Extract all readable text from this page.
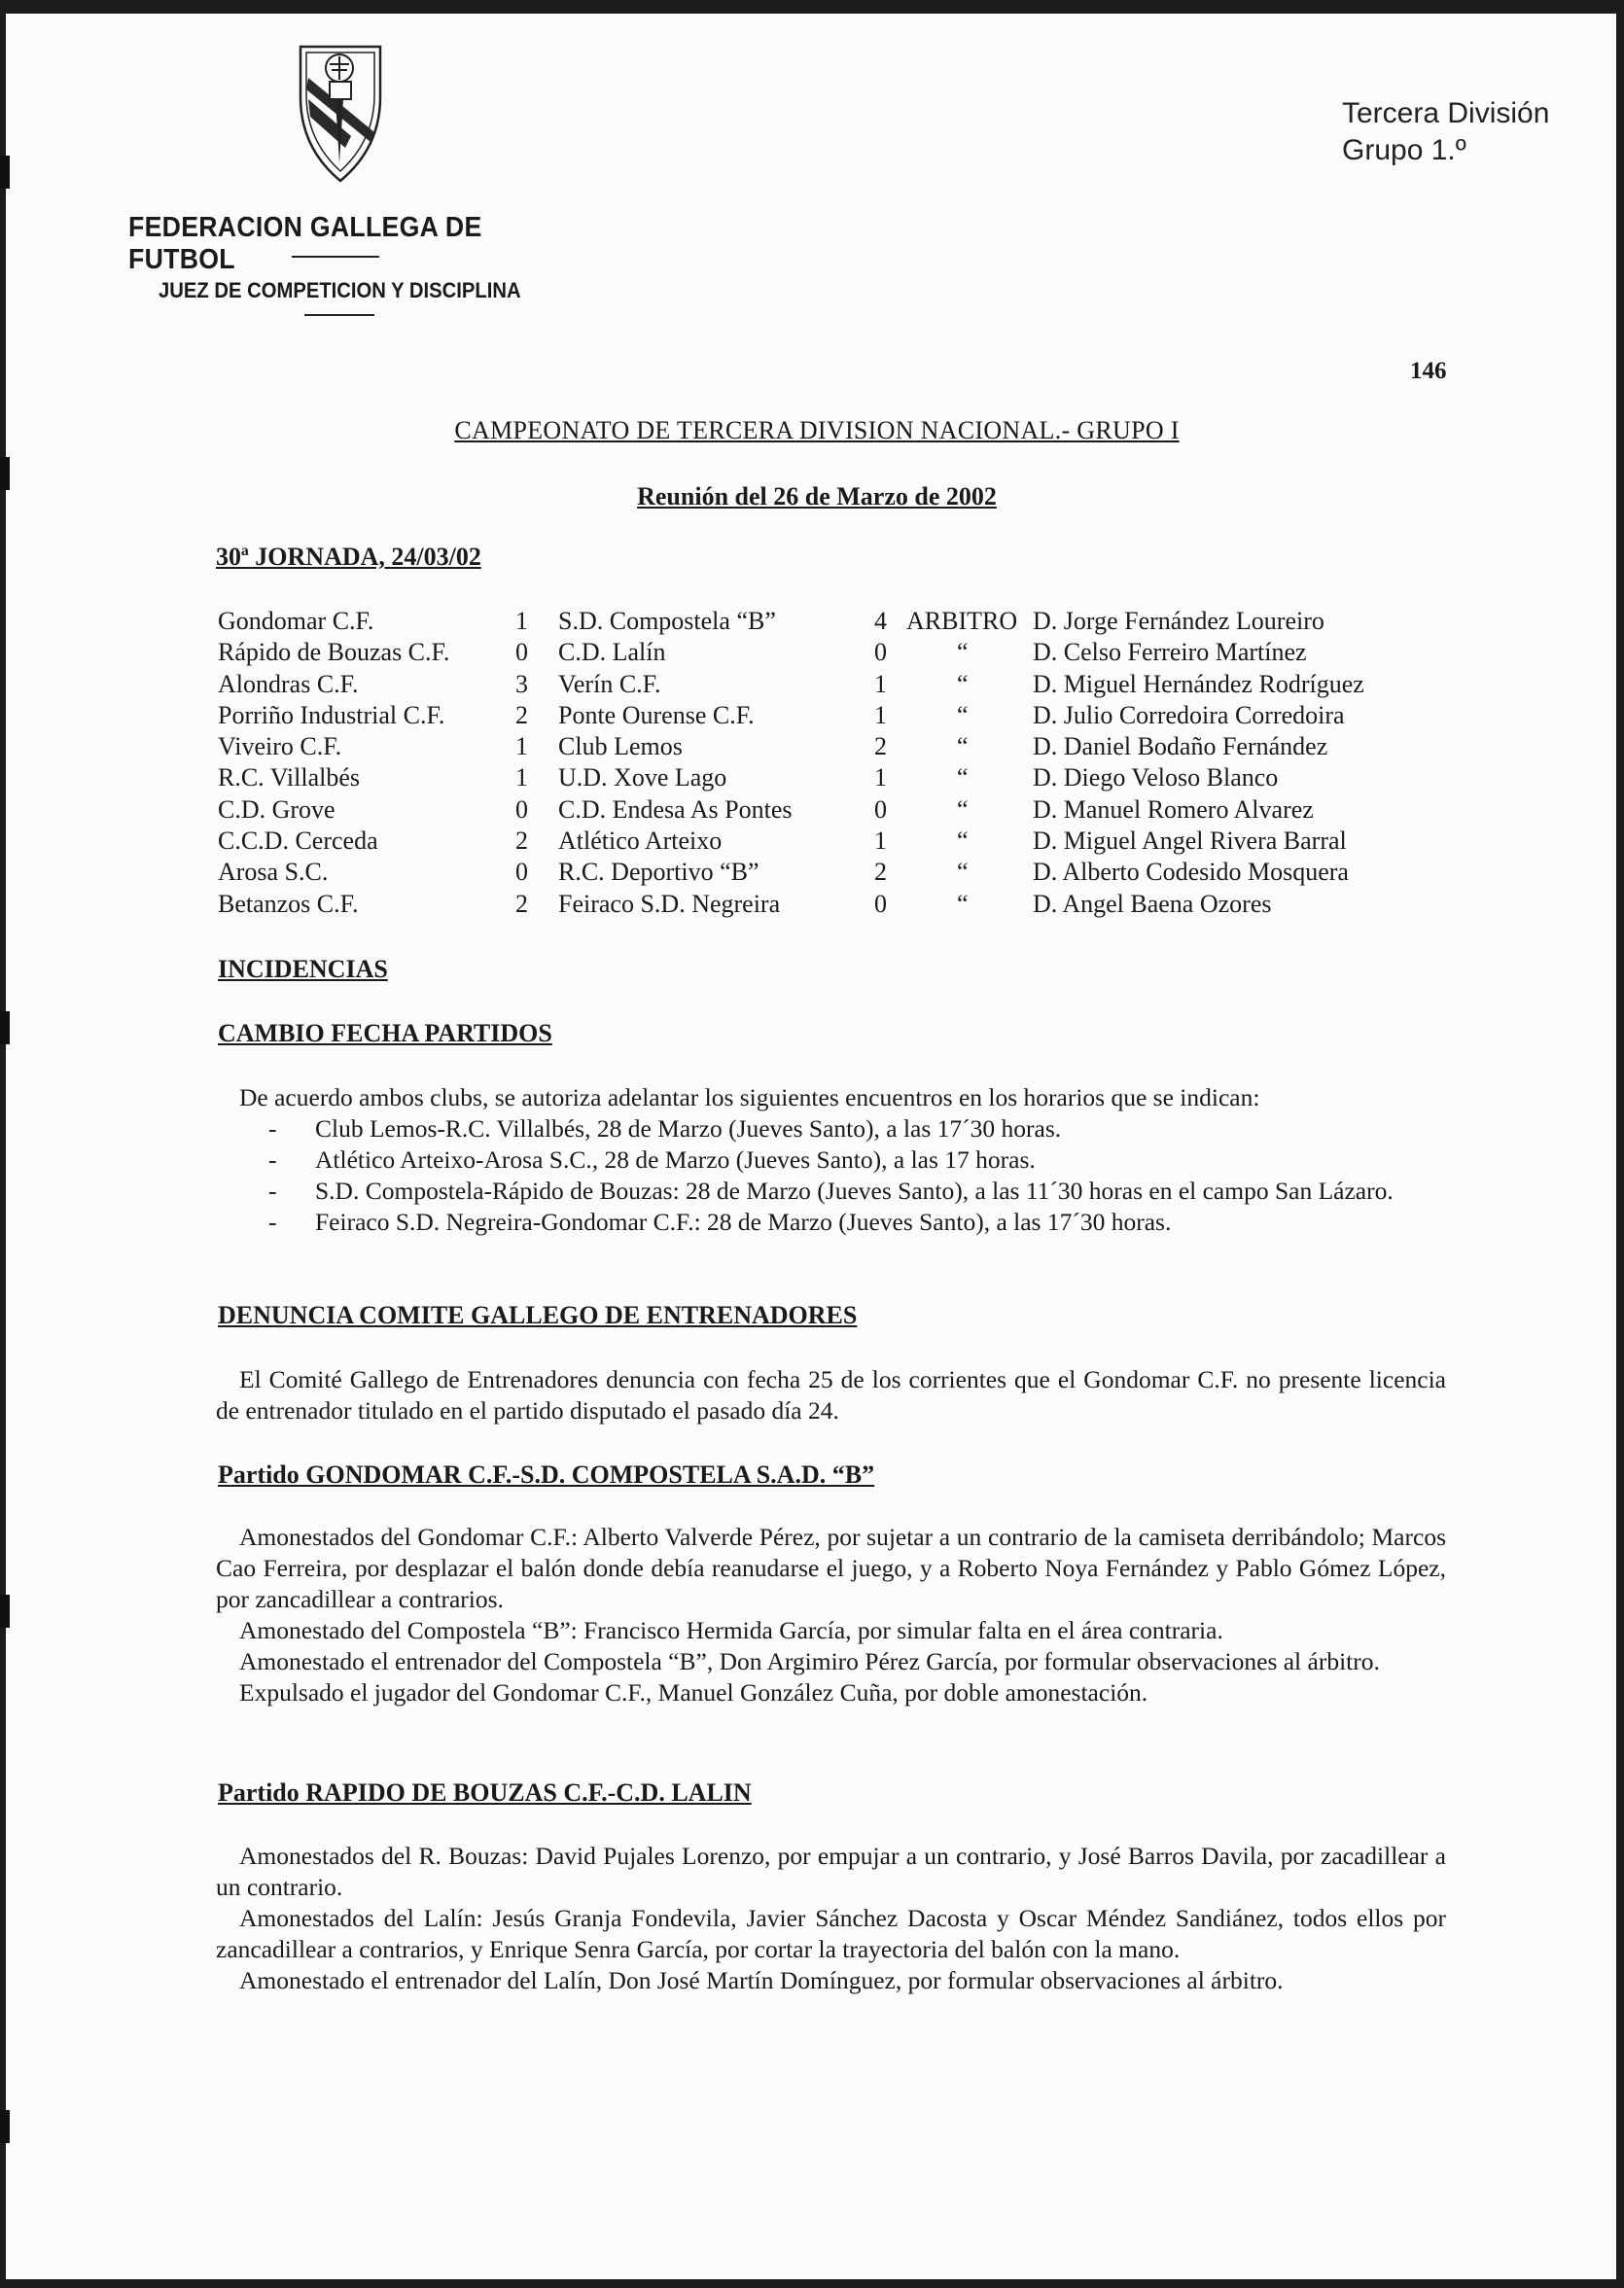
FEDERACION GALLEGA DE FUTBOL
JUEZ DE COMPETICION Y DISCIPLINA
Tercera División
Grupo 1.º
146
CAMPEONATO DE TERCERA DIVISION NACIONAL.- GRUPO I
Reunión del 26 de Marzo de 2002
30ª JORNADA, 24/03/02
Gondomar C.F.	1 S.D. Compostela “B”	4 ARBITRO D. Jorge Fernández Loureiro
Rápido de Bouzas C.F.	0 C.D. Lalín	0	“	D. Celso Ferreiro Martínez
Alondras C.F.	3 Verín C.F.	1	“	D. Miguel Hernández Rodríguez
Porriño Industrial C.F.	2 Ponte Ourense C.F.	1	“	D. Julio Corredoira Corredoira
Viveiro C.F.	1 Club Lemos	2	“	D. Daniel Bodaño Fernández
R.C. Villalbés	1 U.D. Xove Lago	1	“	D. Diego Veloso Blanco
C.D. Grove	0 C.D. Endesa As Pontes	0	“	D. Manuel Romero Alvarez
C.C.D. Cerceda	2 Atlético Arteixo	1	“	D. Miguel Angel Rivera Barral
Arosa S.C.	0 R.C. Deportivo “B”	2	“	D. Alberto Codesido Mosquera
Betanzos C.F.	2 Feiraco S.D. Negreira	0	“	D. Angel Baena Ozores
INCIDENCIAS
CAMBIO FECHA PARTIDOS
De acuerdo ambos clubs, se autoriza adelantar los siguientes encuentros en los horarios que se indican:
- Club Lemos-R.C. Villalbés, 28 de Marzo (Jueves Santo), a las 17´30 horas.
- Atlético Arteixo-Arosa S.C., 28 de Marzo (Jueves Santo), a las 17 horas.
- S.D. Compostela-Rápido de Bouzas: 28 de Marzo (Jueves Santo), a las 11´30 horas en el campo San Lázaro.
- Feiraco S.D. Negreira-Gondomar C.F.: 28 de Marzo (Jueves Santo), a las 17´30 horas.
DENUNCIA COMITE GALLEGO DE ENTRENADORES

El Comité Gallego de Entrenadores denuncia con fecha 25 de los corrientes que el Gondomar C.F. no presente licencia de entrenador titulado en el partido disputado el pasado día 24.

Partido GONDOMAR C.F.-S.D. COMPOSTELA S.A.D. “B”

Amonestados del Gondomar C.F.: Alberto Valverde Pérez, por sujetar a un contrario de la camiseta derribándolo; Marcos Cao Ferreira, por desplazar el balón donde debía reanudarse el juego, y a Roberto Noya Fernández y Pablo Gómez López, por zancadillear a contrarios.

Amonestado del Compostela “B”: Francisco Hermida García, por simular falta en el área contraria.

Amonestado el entrenador del Compostela “B”, Don Argimiro Pérez García, por formular observaciones al árbitro.

Expulsado el jugador del Gondomar C.F., Manuel González Cuña, por doble amonestación.

Partido RAPIDO DE BOUZAS C.F.-C.D. LALIN

Amonestados del R. Bouzas: David Pujales Lorenzo, por empujar a un contrario, y José Barros Davila, por zacadillear a un contrario.

Amonestados del Lalín: Jesús Granja Fondevila, Javier Sánchez Dacosta y Oscar Méndez Sandiánez, todos ellos por zancadillear a contrarios, y Enrique Senra García, por cortar la trayectoria del balón con la mano.

Amonestado el entrenador del Lalín, Don José Martín Domínguez, por formular observaciones al árbitro.
